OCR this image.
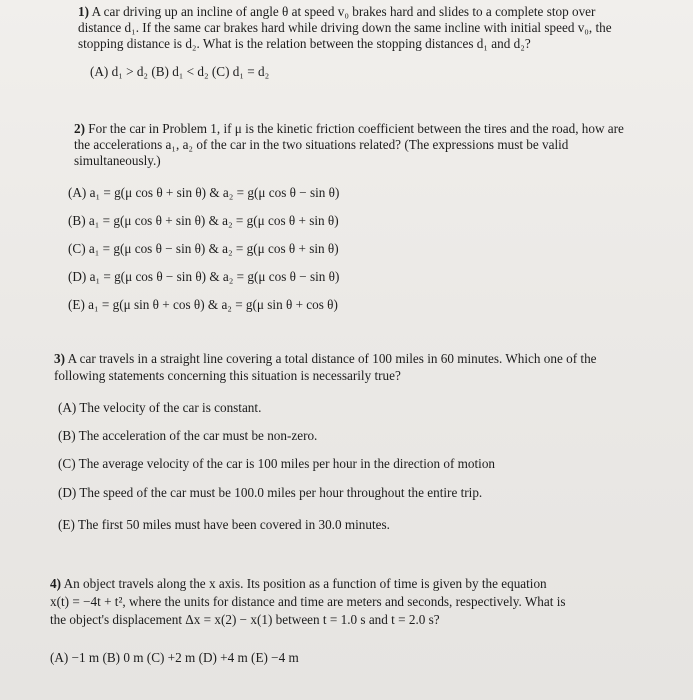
1) A car driving up an incline of angle θ at speed v₀ brakes hard and slides to a complete stop over
distance d₁. If the same car brakes hard while driving down the same incline with initial speed v₀, the
stopping distance is d₂. What is the relation between the stopping distances d₁ and d₂?
(A) d₁ > d₂ (B) d₁ < d₂ (C) d₁ = d₂
2) For the car in Problem 1, if μ is the kinetic friction coefficient between the tires and the road, how are
the accelerations a₁, a₂ of the car in the two situations related? (The expressions must be valid
simultaneously.)
(A) a₁ = g(μ cos θ + sin θ) & a₂ = g(μ cos θ − sin θ)
(B) a₁ = g(μ cos θ + sin θ) & a₂ = g(μ cos θ + sin θ)
(C) a₁ = g(μ cos θ − sin θ) & a₂ = g(μ cos θ + sin θ)
(D) a₁ = g(μ cos θ − sin θ) & a₂ = g(μ cos θ − sin θ)
(E) a₁ = g(μ sin θ + cos θ) & a₂ = g(μ sin θ + cos θ)
3) A car travels in a straight line covering a total distance of 100 miles in 60 minutes. Which one of the
following statements concerning this situation is necessarily true?
(A) The velocity of the car is constant.
(B) The acceleration of the car must be non-zero.
(C) The average velocity of the car is 100 miles per hour in the direction of motion
(D) The speed of the car must be 100.0 miles per hour throughout the entire trip.
(E) The first 50 miles must have been covered in 30.0 minutes.
4) An object travels along the x axis. Its position as a function of time is given by the equation
x(t) = −4t + t², where the units for distance and time are meters and seconds, respectively. What is
the object's displacement Δx = x(2) − x(1) between t = 1.0 s and t = 2.0 s?
(A) −1 m (B) 0 m (C) +2 m (D) +4 m (E) −4 m
